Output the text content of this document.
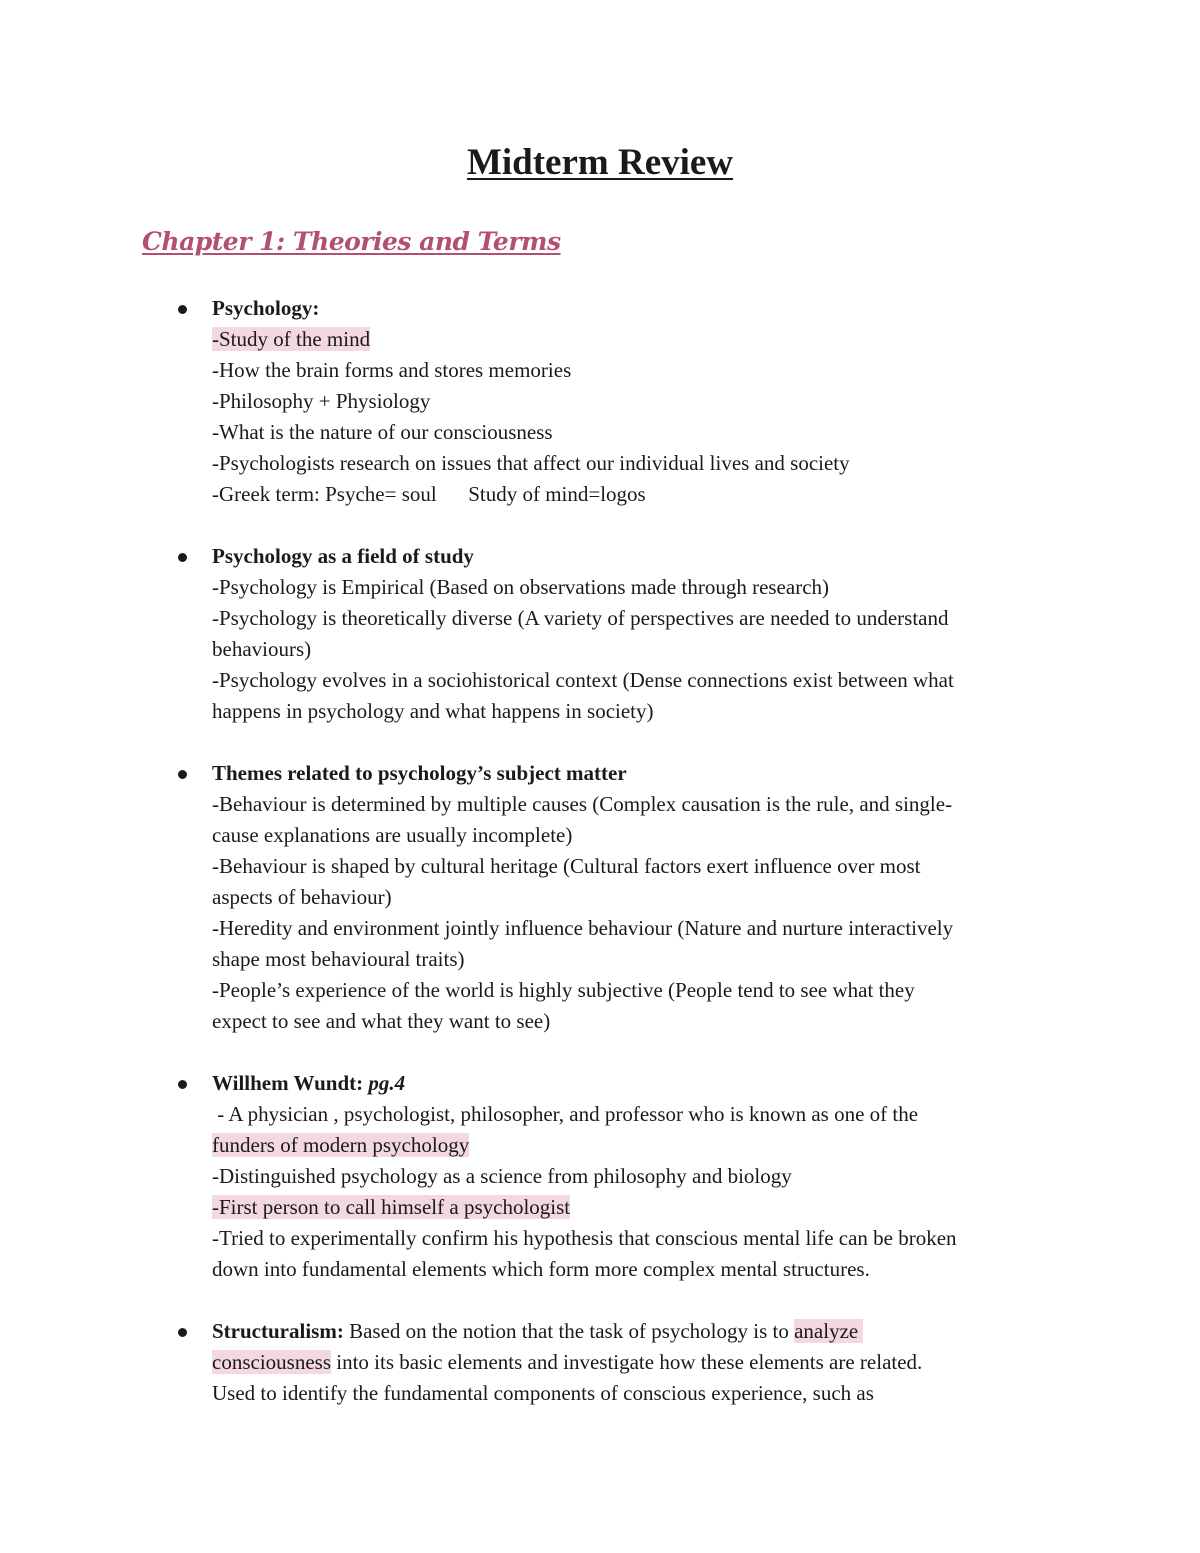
Midterm Review
Chapter 1: Theories and Terms
Psychology:
-Study of the mind
-How the brain forms and stores memories
-Philosophy + Physiology
-What is the nature of our consciousness
-Psychologists research on issues that affect our individual lives and society
-Greek term: Psyche= soul      Study of mind=logos
Psychology as a field of study
-Psychology is Empirical (Based on observations made through research)
-Psychology is theoretically diverse (A variety of perspectives are needed to understand
behaviours)
-Psychology evolves in a sociohistorical context (Dense connections exist between what
happens in psychology and what happens in society)
Themes related to psychology’s subject matter
-Behaviour is determined by multiple causes (Complex causation is the rule, and single-
cause explanations are usually incomplete)
-Behaviour is shaped by cultural heritage (Cultural factors exert influence over most
aspects of behaviour)
-Heredity and environment jointly influence behaviour (Nature and nurture interactively
shape most behavioural traits)
-People’s experience of the world is highly subjective (People tend to see what they
expect to see and what they want to see)
Willhem Wundt: pg.4
- A physician , psychologist, philosopher, and professor who is known as one of the
funders of modern psychology
-Distinguished psychology as a science from philosophy and biology
-First person to call himself a psychologist
-Tried to experimentally confirm his hypothesis that conscious mental life can be broken
down into fundamental elements which form more complex mental structures.
Structuralism: Based on the notion that the task of psychology is to analyze
consciousness into its basic elements and investigate how these elements are related.
Used to identify the fundamental components of conscious experience, such as
